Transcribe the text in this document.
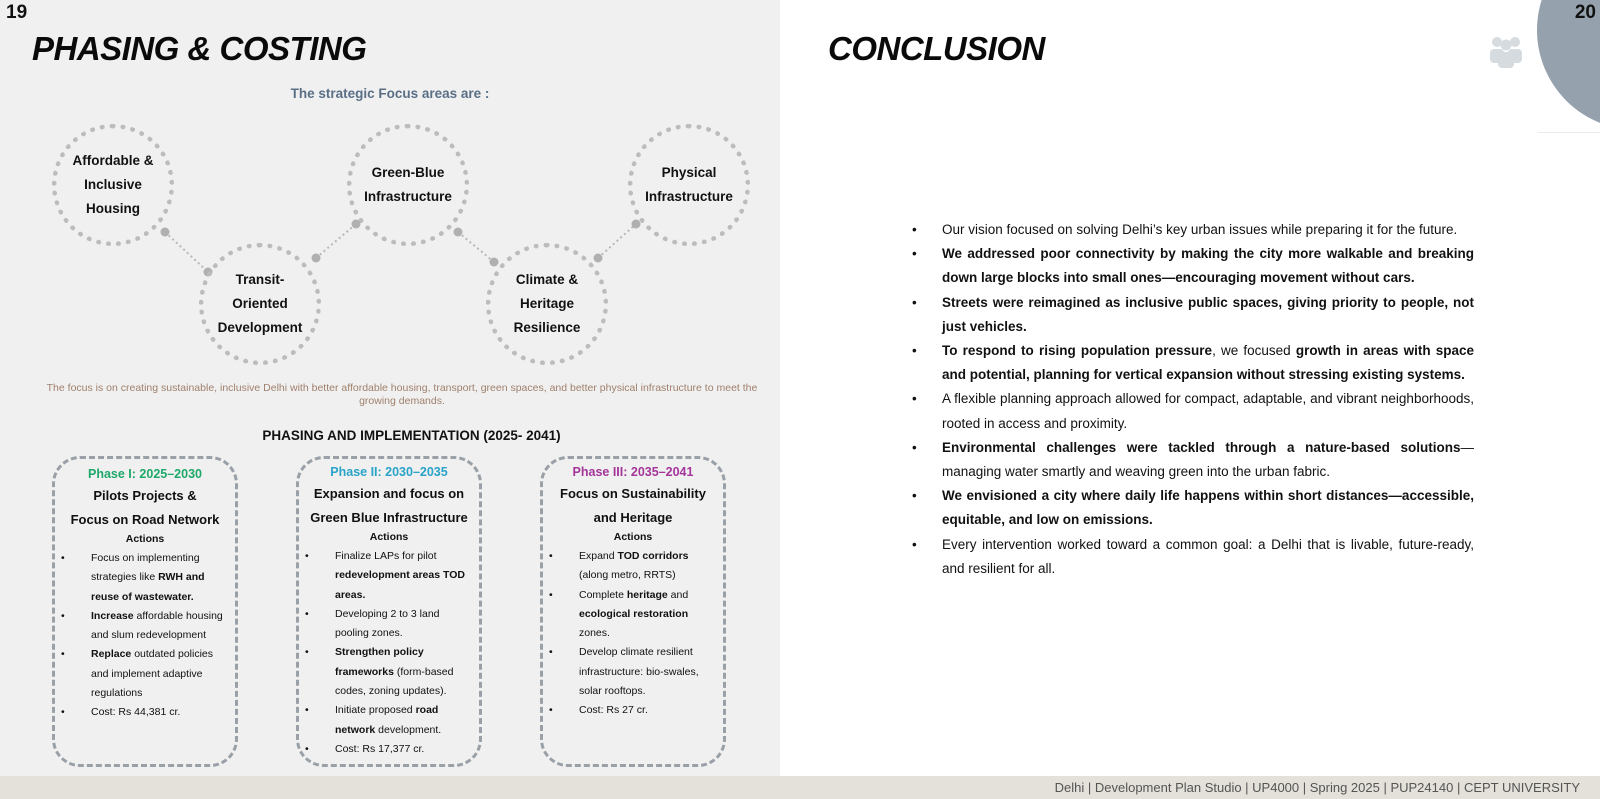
19
PHASING & COSTING
The strategic Focus areas are :
Affordable &
Inclusive Housing
Transit-Oriented
Development
Green-Blue
Infrastructure
Climate &
Heritage
Resilience
Physical
Infrastructure
The focus is on creating sustainable, inclusive Delhi with better affordable housing, transport, green spaces, and better physical infrastructure to meet the growing demands.
PHASING AND IMPLEMENTATION (2025- 2041)
Phase I: 2025–2030
Pilots Projects &
Focus on Road Network
Actions
• Focus on implementing strategies like RWH and reuse of wastewater.
• Increase affordable housing and slum redevelopment
• Replace outdated policies and implement adaptive regulations
• Cost: Rs 44,381 cr.
Phase II: 2030–2035
Expansion and focus on
Green Blue Infrastructure
Actions
• Finalize LAPs for pilot redevelopment areas TOD areas.
• Developing 2 to 3 land pooling zones.
• Strengthen policy frameworks (form-based codes, zoning updates).
• Initiate proposed road network development.
• Cost: Rs 17,377 cr.
Phase III: 2035–2041
Focus on Sustainability
and Heritage
Actions
• Expand TOD corridors (along metro, RRTS)
• Complete heritage and ecological restoration zones.
• Develop climate resilient infrastructure: bio-swales, solar rooftops.
• Cost: Rs 27 cr.
20
CONCLUSION
• Our vision focused on solving Delhi’s key urban issues while preparing it for the future.
• We addressed poor connectivity by making the city more walkable and breaking down large blocks into small ones—encouraging movement without cars.
• Streets were reimagined as inclusive public spaces, giving priority to people, not just vehicles.
• To respond to rising population pressure, we focused growth in areas with space and potential, planning for vertical expansion without stressing existing systems.
• A flexible planning approach allowed for compact, adaptable, and vibrant neighborhoods, rooted in access and proximity.
• Environmental challenges were tackled through a nature-based solutions—managing water smartly and weaving green into the urban fabric.
• We envisioned a city where daily life happens within short distances—accessible, equitable, and low on emissions.
• Every intervention worked toward a common goal: a Delhi that is livable, future-ready, and resilient for all.
Delhi | Development Plan Studio | UP4000 | Spring 2025 | PUP24140 | CEPT UNIVERSITY
